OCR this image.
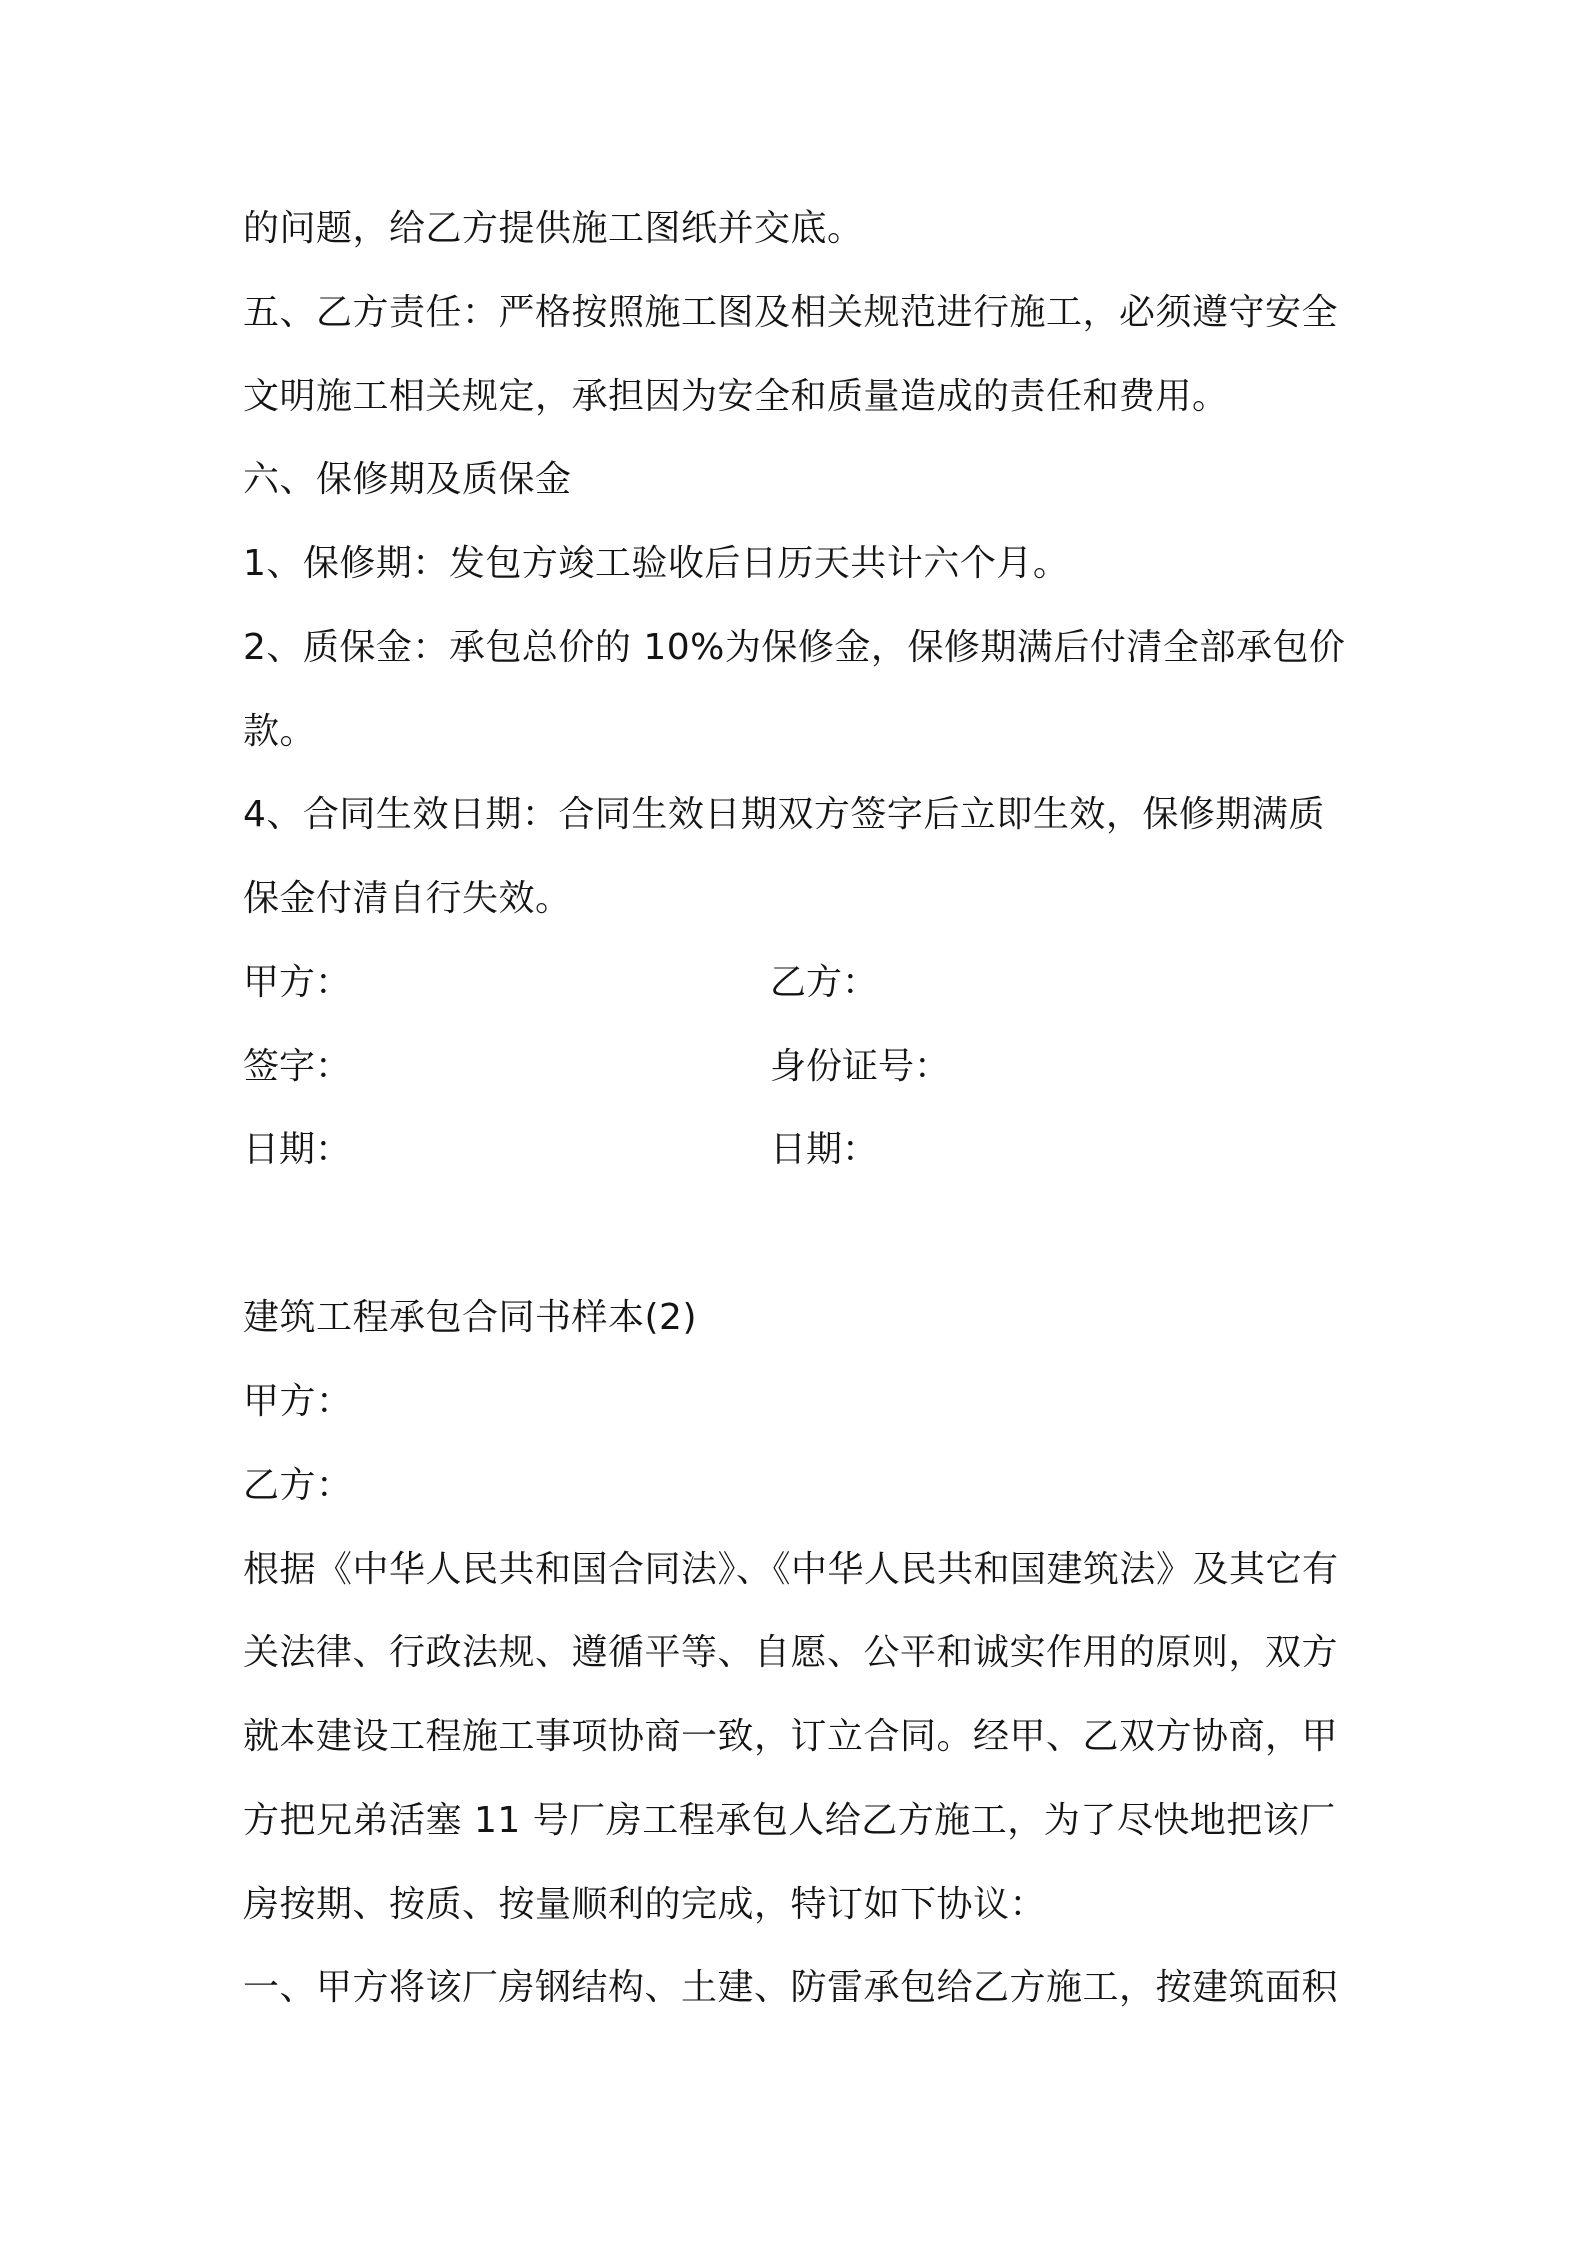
的问题，给乙方提供施工图纸并交底。
五、乙方责任：严格按照施工图及相关规范进行施工，必须遵守安全
文明施工相关规定，承担因为安全和质量造成的责任和费用。
六、保修期及质保金
1、保修期：发包方竣工验收后日历天共计六个月。
2、质保金：承包总价的 10%为保修金，保修期满后付清全部承包价
款。
4、合同生效日期：合同生效日期双方签字后立即生效，保修期满质
保金付清自行失效。
甲方：	乙方：
签字：	身份证号：
日期：	日期：
建筑工程承包合同书样本(2)
甲方：
乙方：
根据《中华人民共和国合同法》、《中华人民共和国建筑法》及其它有
关法律、行政法规、遵循平等、自愿、公平和诚实作用的原则，双方
就本建设工程施工事项协商一致，订立合同。经甲、乙双方协商，甲
方把兄弟活塞 11 号厂房工程承包人给乙方施工，为了尽快地把该厂
房按期、按质、按量顺利的完成，特订如下协议：
一、甲方将该厂房钢结构、土建、防雷承包给乙方施工，按建筑面积
